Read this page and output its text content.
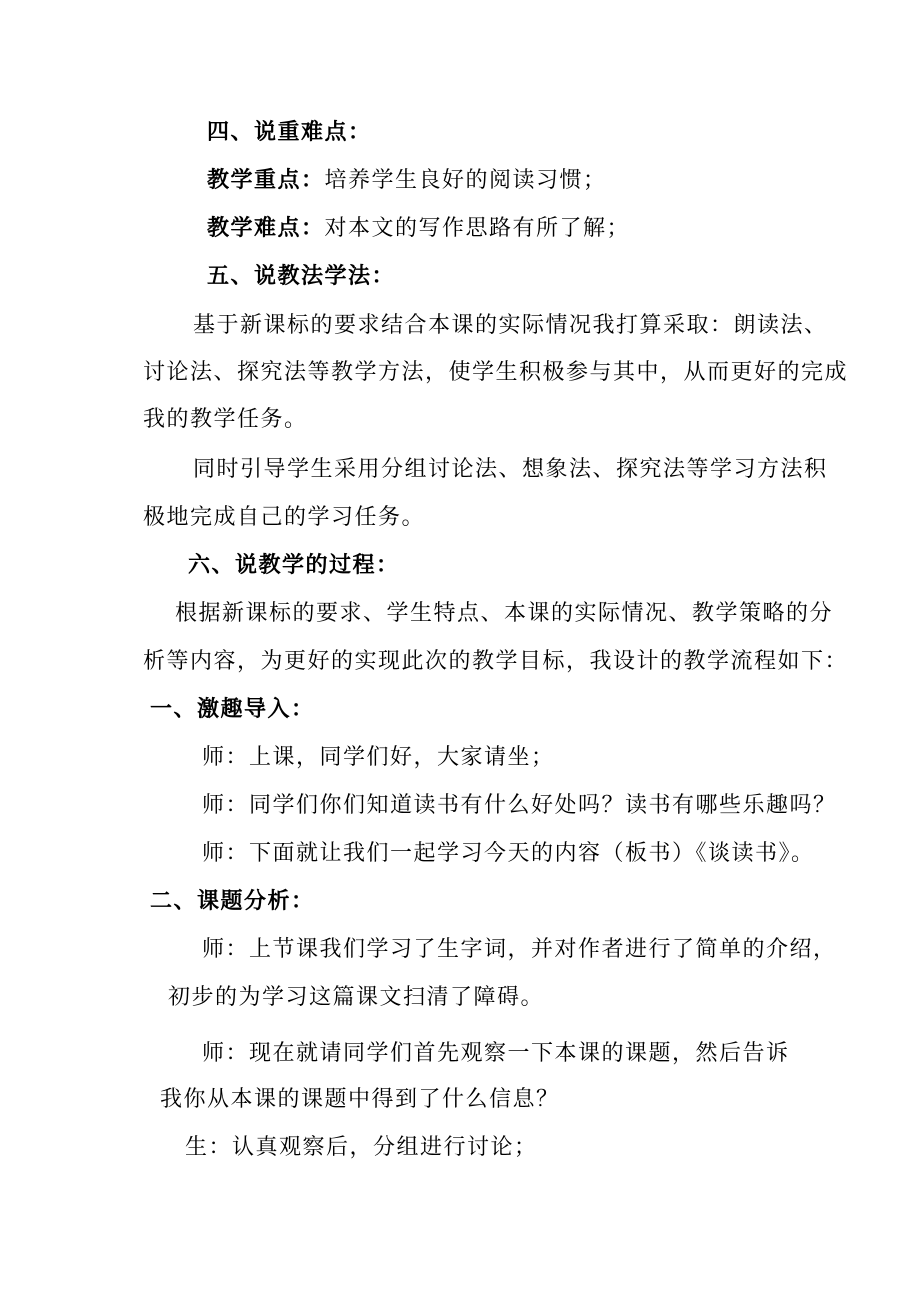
四、说重难点：
教学重点：培养学生良好的阅读习惯；
教学难点：对本文的写作思路有所了解；
五、说教法学法：
基于新课标的要求结合本课的实际情况我打算采取：朗读法、
讨论法、探究法等教学方法，使学生积极参与其中，从而更好的完成
我的教学任务。
同时引导学生采用分组讨论法、想象法、探究法等学习方法积
极地完成自己的学习任务。
六、说教学的过程：
根据新课标的要求、学生特点、本课的实际情况、教学策略的分
析等内容，为更好的实现此次的教学目标，我设计的教学流程如下：
一、激趣导入：
师：上课，同学们好，大家请坐；
师：同学们你们知道读书有什么好处吗？读书有哪些乐趣吗？
师：下面就让我们一起学习今天的内容（板书）《谈读书》。
二、课题分析：
师：上节课我们学习了生字词，并对作者进行了简单的介绍，
初步的为学习这篇课文扫清了障碍。
师：现在就请同学们首先观察一下本课的课题，然后告诉
我你从本课的课题中得到了什么信息？
生：认真观察后，分组进行讨论；
